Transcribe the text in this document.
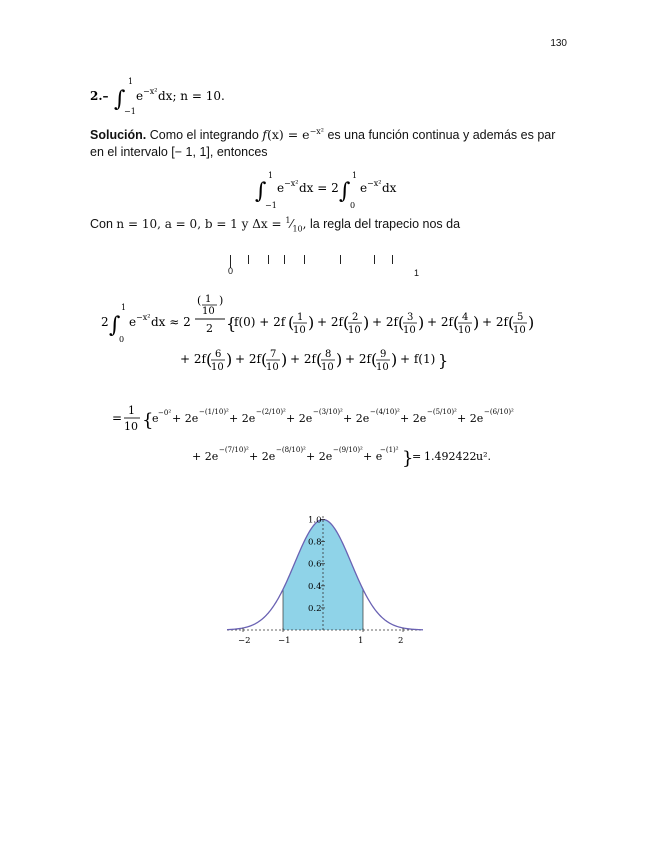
130
2.– ∫
1
−1
e −x² dx; n = 10.
Solución. Como el integrando $f(x) = e^{-x^2}$ es una función continua y además es par en el intervalo [− 1, 1], entonces
∫
1
−1
e −x² dx = 2 ∫
1
0
e −x² dx
Con n = 10, a = 0, b = 1 y $\Delta x = ^1⁄_{10}$, la regla del trapecio nos da
0	1
2 ∫
1
0
e −x² dx ≈ 2
( 1
10
)
2 {
f(0) + 2f ( 1
10 ) + 2f ( 2
10 ) + 2f ( 3
10 ) + 2f ( 4
10 ) + 2f ( 5
10 )
+ 2f ( 6
10 ) + 2f ( 7
10 ) + 2f ( 8
10 ) + 2f ( 9
10 ) + f(1) }
=
1
10 {
e −0² + 2e −(1/10)² + 2e −(2/10)² + 2e −(3/10)² + 2e −(4/10)² + 2e −(5/10)² + 2e −(6/10)²
+ 2e −(7/10)² + 2e −(8/10)² + 2e −(9/10)² + e
−(1)² }
= 1.492422 u².
−2	−1	1	2
0.2
0.4
0.6
0.8
1.0
